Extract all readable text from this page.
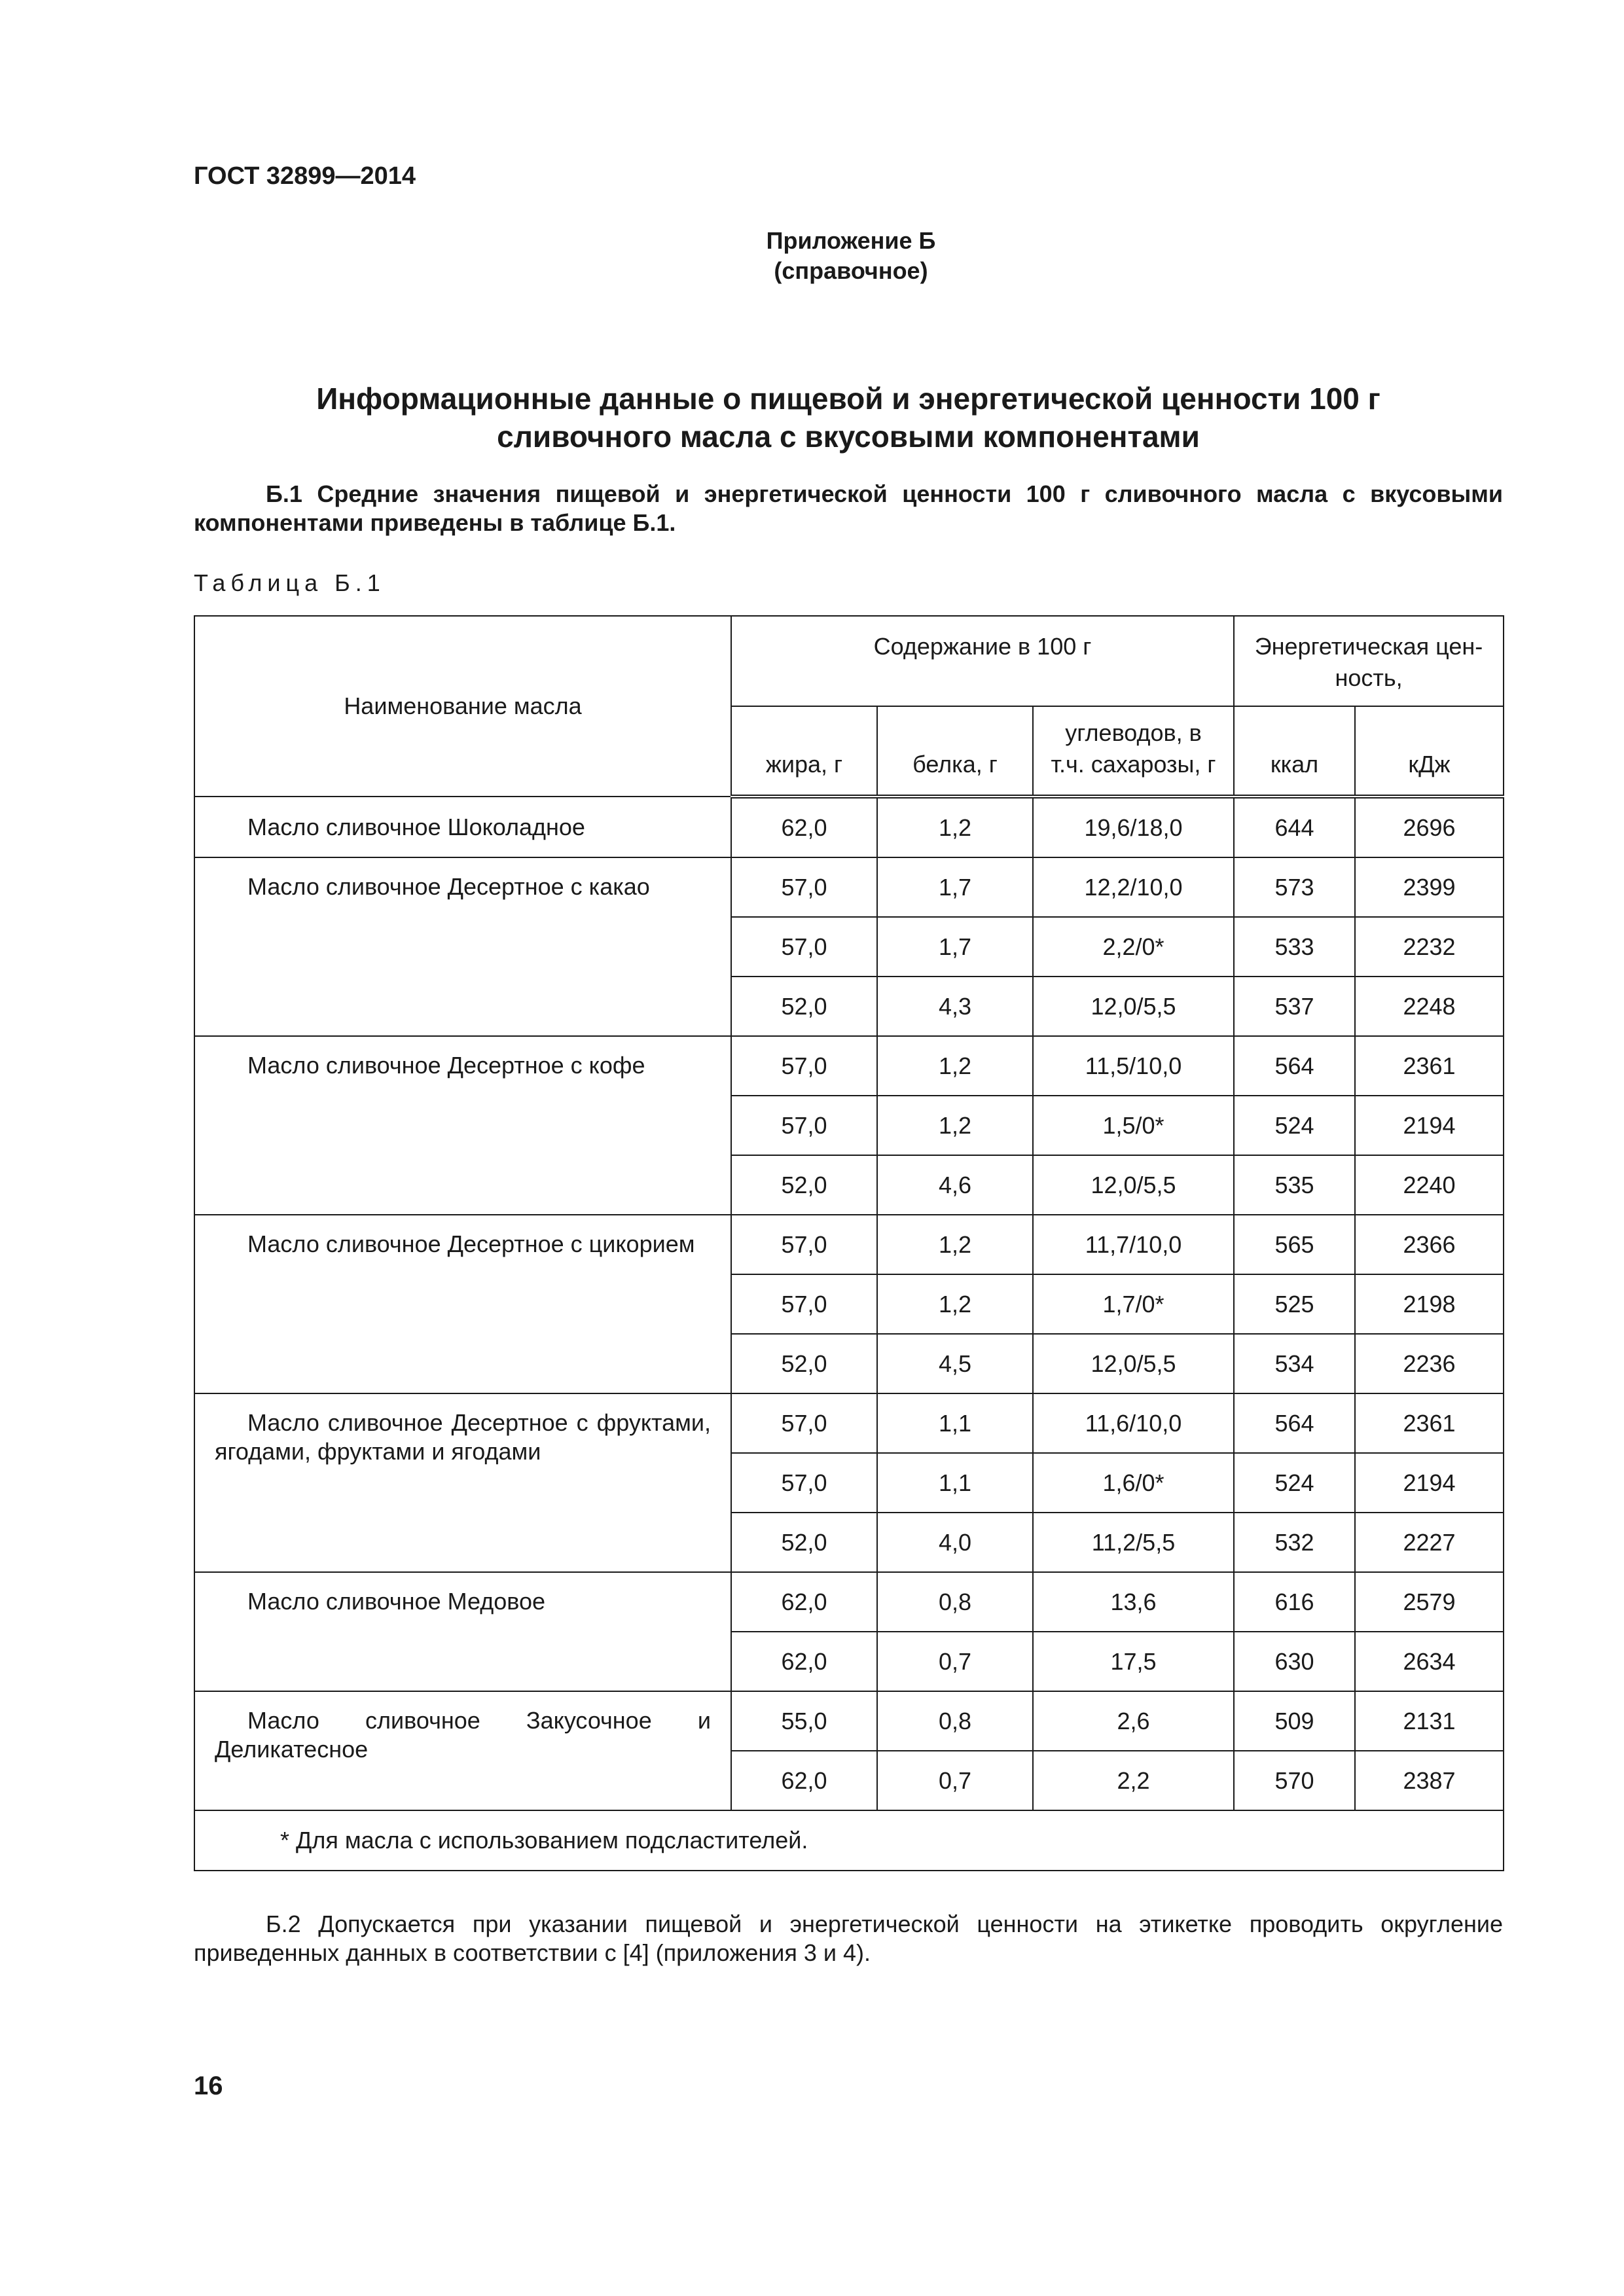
ГОСТ 32899—2014
Приложение Б
(справочное)
Информационные данные о пищевой и энергетической ценности 100 г
сливочного масла с вкусовыми компонентами

Б.1 Средние значения пищевой и энергетической ценности 100 г сливочного масла с вкусовыми компонентами приведены в таблице Б.1.

Таблица Б.1
Наименование масла	Содержание в 100 г			Энергетическая цен-ность,	
	жира, г	белка, г	углеводов, в т.ч. сахарозы, г	ккал	кДж
Масло сливочное Шоколадное	62,0	1,2	19,6/18,0	644	2696
Масло сливочное Десертное с какао	57,0	1,7	12,2/10,0	573	2399
	57,0	1,7	2,2/0*	533	2232
	52,0	4,3	12,0/5,5	537	2248
Масло сливочное Десертное с кофе	57,0	1,2	11,5/10,0	564	2361
	57,0	1,2	1,5/0*	524	2194
	52,0	4,6	12,0/5,5	535	2240
Масло сливочное Десертное с цикорием	57,0	1,2	11,7/10,0	565	2366
	57,0	1,2	1,7/0*	525	2198
	52,0	4,5	12,0/5,5	534	2236
Масло сливочное Десертное с фруктами, ягодами, фруктами и ягодами	57,0	1,1	11,6/10,0	564	2361
	57,0	1,1	1,6/0*	524	2194
	52,0	4,0	11,2/5,5	532	2227
Масло сливочное Медовое	62,0	0,8	13,6	616	2579
	62,0	0,7	17,5	630	2634
Масло сливочное Закусочное и Деликатесное	55,0	0,8	2,6	509	2131
	62,0	0,7	2,2	570	2387
* Для масла с использованием подсластителей.					

Б.2 Допускается при указании пищевой и энергетической ценности на этикетке проводить округление приведенных данных в соответствии с [4] (приложения 3 и 4).

16
